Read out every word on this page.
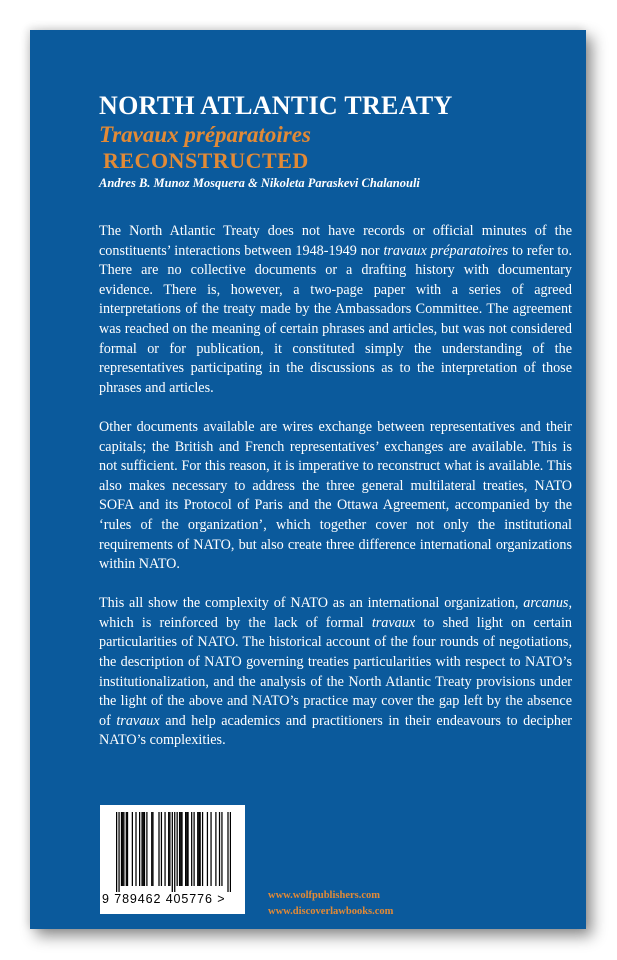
NORTH ATLANTIC TREATY
Travaux préparatoires
RECONSTRUCTED
Andres B. Munoz Mosquera & Nikoleta Paraskevi Chalanouli

The North Atlantic Treaty does not have records or official minutes of the constituents’ interactions between 1948-1949 nor travaux préparatoires to refer to. There are no collective documents or a drafting history with documentary evidence. There is, however, a two-page paper with a series of agreed interpretations of the treaty made by the Ambassadors Committee. The agreement was reached on the meaning of certain phrases and articles, but was not considered formal or for publication, it constituted simply the understanding of the representatives participating in the discussions as to the interpretation of those phrases and articles.

Other documents available are wires exchange between representatives and their capitals; the British and French representatives’ exchanges are available. This is not sufficient. For this reason, it is imperative to reconstruct what is available. This also makes necessary to address the three general multilateral treaties, NATO SOFA and its Protocol of Paris and the Ottawa Agreement, accompanied by the ‘rules of the organization’, which together cover not only the institutional requirements of NATO, but also create three difference international organizations within NATO.

This all show the complexity of NATO as an international organization, arcanus, which is reinforced by the lack of formal travaux to shed light on certain particularities of NATO. The historical account of the four rounds of negotiations, the description of NATO governing treaties particularities with respect to NATO’s institutionalization, and the analysis of the North Atlantic Treaty provisions under the light of the above and NATO’s practice may cover the gap left by the absence of travaux and help academics and practitioners in their endeavours to decipher NATO’s complexities.

9 789462 405776 >	www.wolfpublishers.com
www.discoverlawbooks.com
